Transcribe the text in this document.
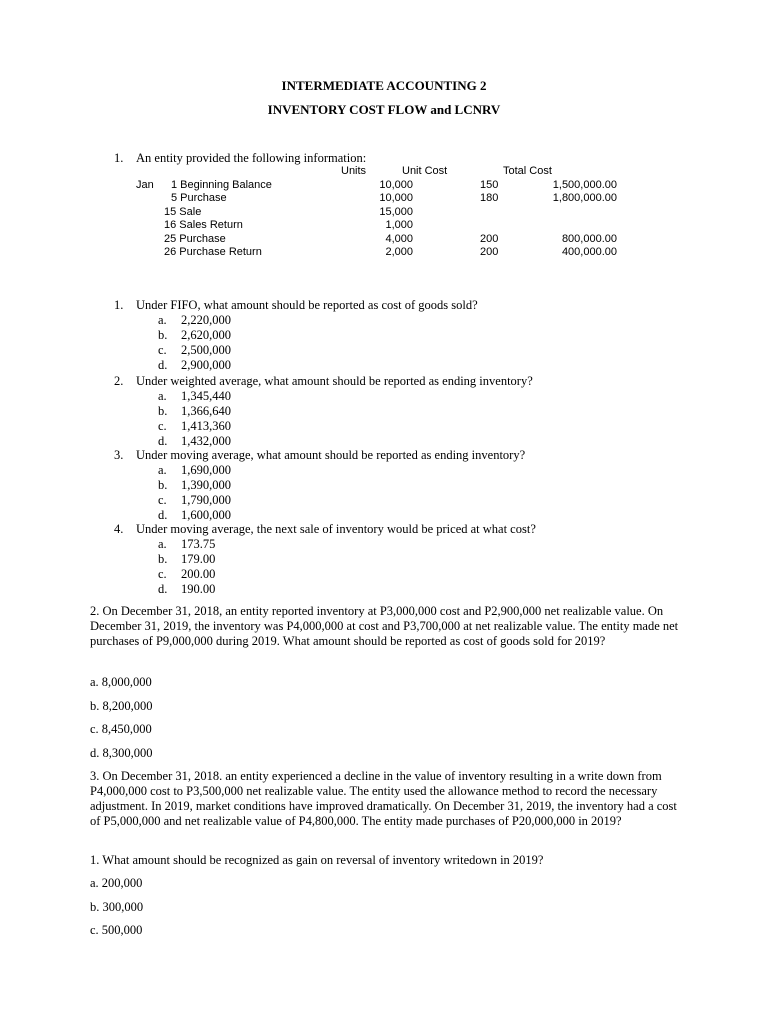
INTERMEDIATE ACCOUNTING 2
INVENTORY COST FLOW and LCNRV
1. An entity provided the following information:
Units	Unit Cost	Total Cost
Jan 1 Beginning Balance	10,000	150	1,500,000.00
5 Purchase	10,000	180	1,800,000.00
15 Sale	15,000
16 Sales Return	1,000
25 Purchase	4,000	200	800,000.00
26 Purchase Return	2,000	200	400,000.00
1. Under FIFO, what amount should be reported as cost of goods sold?
a. 2,220,000
b. 2,620,000
c. 2,500,000
d. 2,900,000
2. Under weighted average, what amount should be reported as ending inventory?
a. 1,345,440
b. 1,366,640
c. 1,413,360
d. 1,432,000
3. Under moving average, what amount should be reported as ending inventory?
a. 1,690,000
b. 1,390,000
c. 1,790,000
d. 1,600,000
4. Under moving average, the next sale of inventory would be priced at what cost?
a. 173.75
b. 179.00
c. 200.00
d. 190.00
2. On December 31, 2018, an entity reported inventory at P3,000,000 cost and P2,900,000 net realizable value. On December 31, 2019, the inventory was P4,000,000 at cost and P3,700,000 at net realizable value. The entity made net purchases of P9,000,000 during 2019. What amount should be reported as cost of goods sold for 2019?
a. 8,000,000
b. 8,200,000
c. 8,450,000
d. 8,300,000
3. On December 31, 2018. an entity experienced a decline in the value of inventory resulting in a write down from P4,000,000 cost to P3,500,000 net realizable value. The entity used the allowance method to record the necessary adjustment. In 2019, market conditions have improved dramatically. On December 31, 2019, the inventory had a cost of P5,000,000 and net realizable value of P4,800,000. The entity made purchases of P20,000,000 in 2019?
1. What amount should be recognized as gain on reversal of inventory writedown in 2019?
a. 200,000
b. 300,000
c. 500,000
